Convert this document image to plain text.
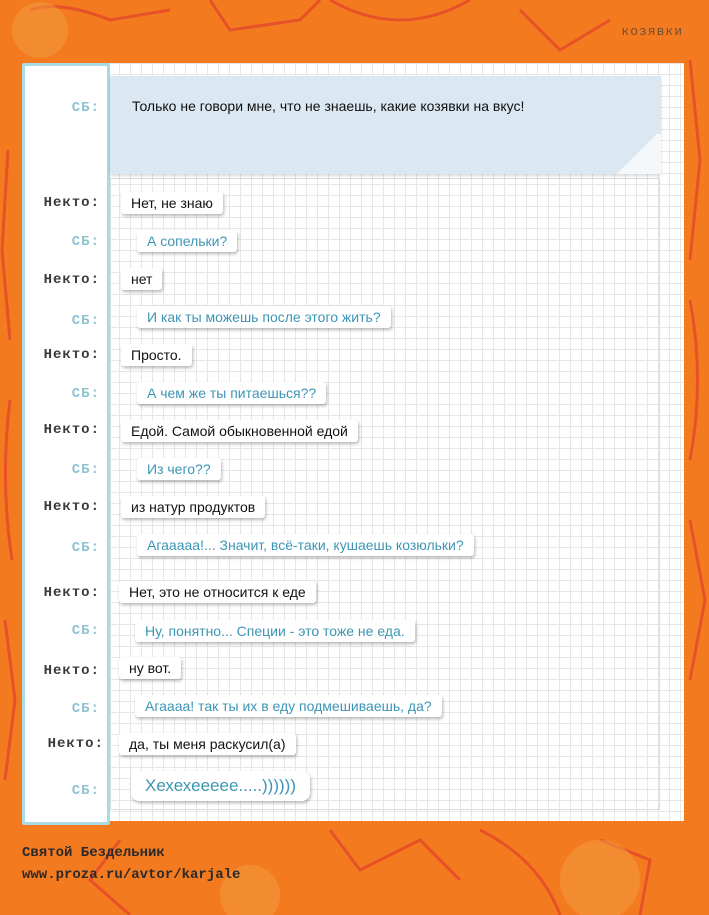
козявки
СБ: Только не говори мне, что не знаешь, какие козявки на вкус!
Некто:	Нет, не знаю
СБ:	А сопельки?
Некто:	нет
СБ:	И как ты можешь после этого жить?
Некто:	Просто.
СБ:	А чем же ты питаешься??
Некто:	Едой. Самой обыкновенной едой
СБ:	Из чего??
Некто:	из натур продуктов
СБ:	Агааааа!... Значит, всё-таки, кушаешь козюльки?
Некто:	Нет, это не относится к еде
СБ:	Ну, понятно... Специи - это тоже не еда.
Некто:	ну вот.
СБ:	Агаааа! так ты их в еду подмешиваешь, да?
Некто:	да, ты меня раскусил(а)
СБ:	Хехехеееее.....))))))
Святой Бездельник
www.proza.ru/avtor/karjale
